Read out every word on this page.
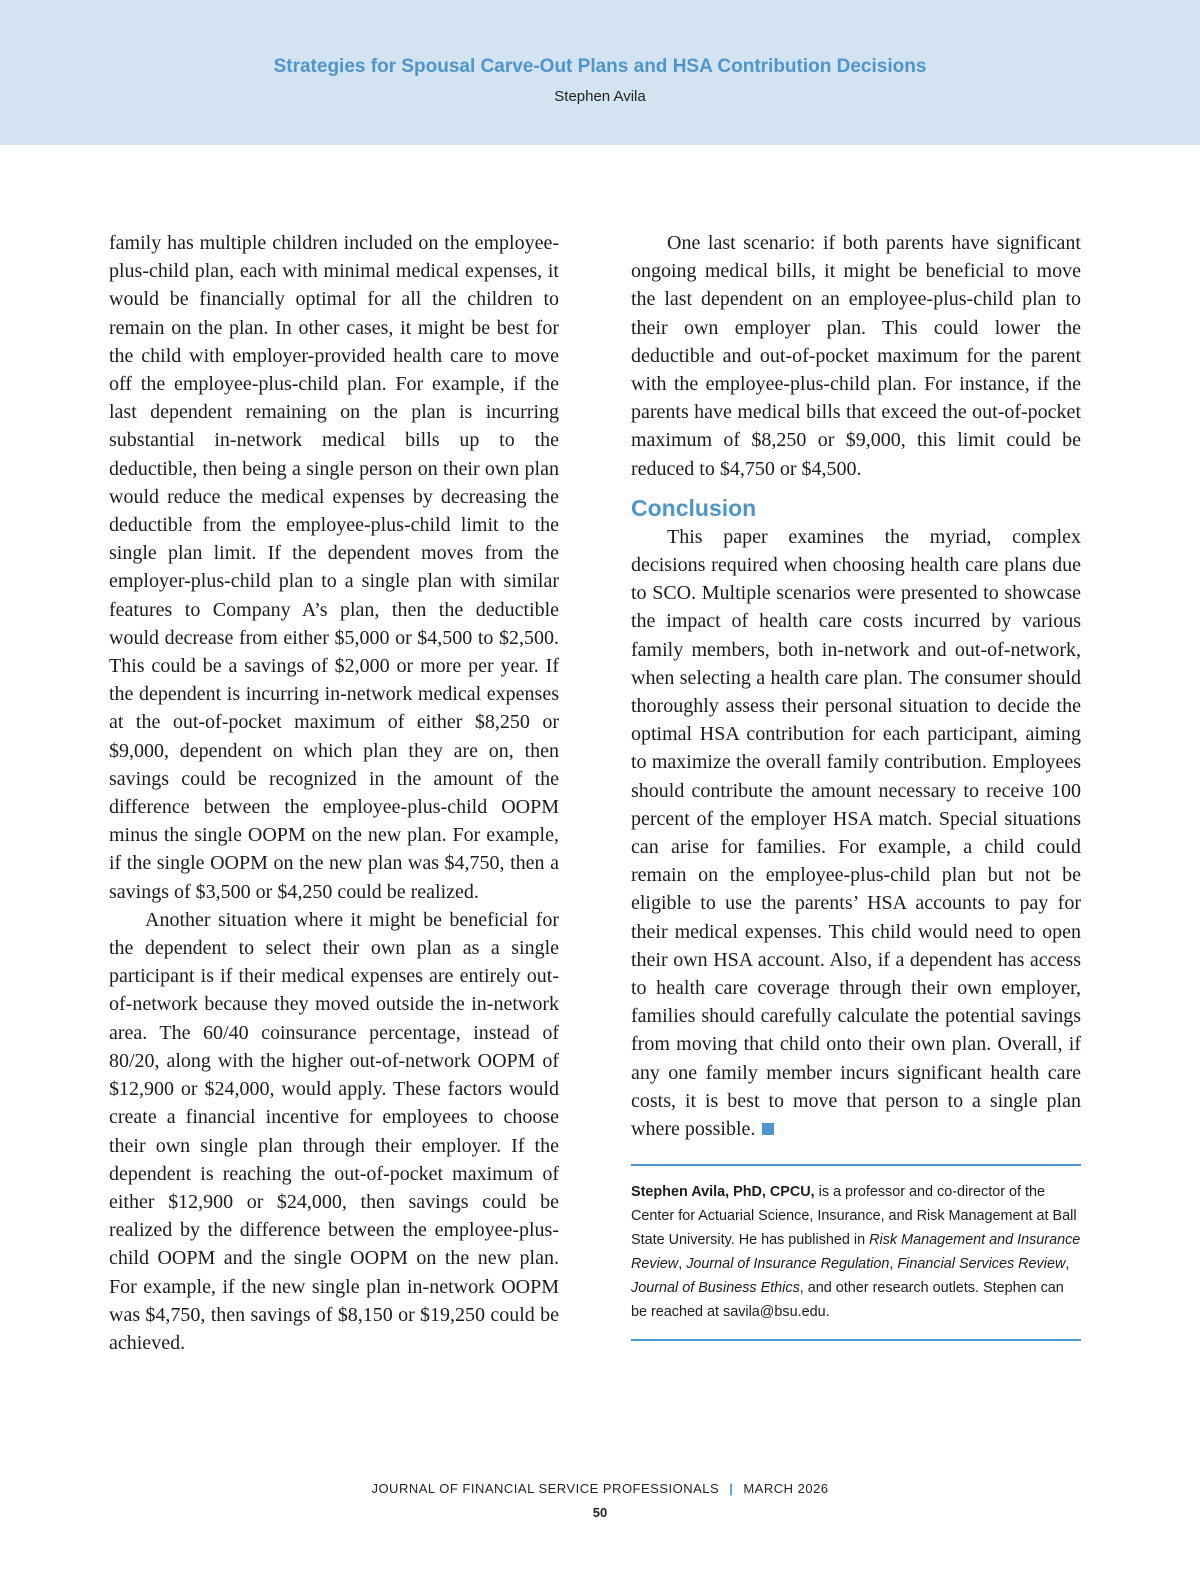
Strategies for Spousal Carve-Out Plans and HSA Contribution Decisions
Stephen Avila

family has multiple children included on the employee-plus-child plan, each with minimal medical expenses, it would be financially optimal for all the children to remain on the plan. In other cases, it might be best for the child with employer-provided health care to move off the employee-plus-child plan. For example, if the last dependent remaining on the plan is incurring substantial in-network medical bills up to the deductible, then being a single person on their own plan would reduce the medical expenses by decreasing the deductible from the employee-plus-child limit to the single plan limit. If the dependent moves from the employer-plus-child plan to a single plan with similar features to Company A’s plan, then the deductible would decrease from either $5,000 or $4,500 to $2,500. This could be a savings of $2,000 or more per year. If the dependent is incurring in-network medical expenses at the out-of-pocket maximum of either $8,250 or $9,000, dependent on which plan they are on, then savings could be recognized in the amount of the difference between the employee-plus-child OOPM minus the single OOPM on the new plan. For example, if the single OOPM on the new plan was $4,750, then a savings of $3,500 or $4,250 could be realized.

Another situation where it might be beneficial for the dependent to select their own plan as a single participant is if their medical expenses are entirely out-of-network because they moved outside the in-network area. The 60/40 coinsurance percentage, instead of 80/20, along with the higher out-of-network OOPM of $12,900 or $24,000, would apply. These factors would create a financial incentive for employees to choose their own single plan through their employer. If the dependent is reaching the out-of-pocket maximum of either $12,900 or $24,000, then savings could be realized by the difference between the employee-plus-child OOPM and the single OOPM on the new plan. For example, if the new single plan in-network OOPM was $4,750, then savings of $8,150 or $19,250 could be achieved.

One last scenario: if both parents have significant ongoing medical bills, it might be beneficial to move the last dependent on an employee-plus-child plan to their own employer plan. This could lower the deductible and out-of-pocket maximum for the parent with the employee-plus-child plan. For instance, if the parents have medical bills that exceed the out-of-pocket maximum of $8,250 or $9,000, this limit could be reduced to $4,750 or $4,500.

Conclusion

This paper examines the myriad, complex decisions required when choosing health care plans due to SCO. Multiple scenarios were presented to showcase the impact of health care costs incurred by various family members, both in-network and out-of-network, when selecting a health care plan. The consumer should thoroughly assess their personal situation to decide the optimal HSA contribution for each participant, aiming to maximize the overall family contribution. Employees should contribute the amount necessary to receive 100 percent of the employer HSA match. Special situations can arise for families. For example, a child could remain on the employee-plus-child plan but not be eligible to use the parents’ HSA accounts to pay for their medical expenses. This child would need to open their own HSA account. Also, if a dependent has access to health care coverage through their own employer, families should carefully calculate the potential savings from moving that child onto their own plan. Overall, if any one family member incurs significant health care costs, it is best to move that person to a single plan where possible.

Stephen Avila, PhD, CPCU, is a professor and co-director of the Center for Actuarial Science, Insurance, and Risk Management at Ball State University. He has published in Risk Management and Insurance Review, Journal of Insurance Regulation, Financial Services Review, Journal of Business Ethics, and other research outlets. Stephen can be reached at savila@bsu.edu.
JOURNAL OF FINANCIAL SERVICE PROFESSIONALS | MARCH 2026
50
